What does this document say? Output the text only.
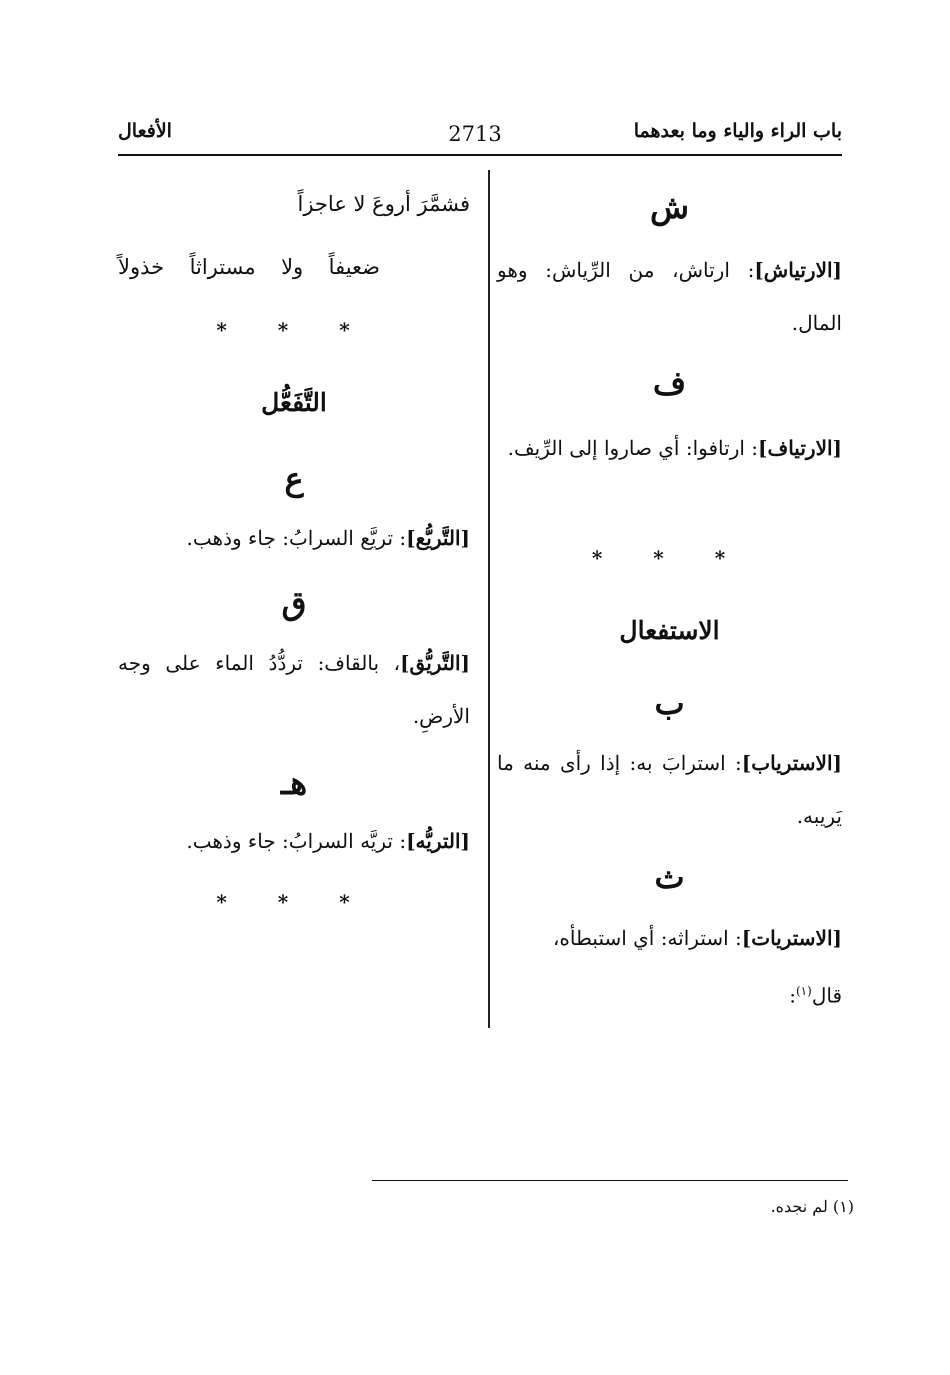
باب الراء والياء وما بعدهما
2713
الأفعال
ش
[الارتياش]: ارتاش، من الرِّياش: وهو المال.
ف
[الارتياف]: ارتافوا: أي صاروا إلى الرِّيف.
* * *
الاستفعال
ب
[الاسترياب]: استرابَ به: إذا رأى منه ما يَريبه.
ث
[الاستريات]: استراثه: أي استبطأه،
قال$^{(١)}$:
فشمَّرَ أروعَ لا عاجزاً
ضعيفاً ولا مستراثاً خذولاً
* * *
التَّفَعُّل
ع
[التَّريُّع]: تريَّع السرابُ: جاء وذهب.
ق
[التَّريُّق]، بالقاف: تردُّدُ الماء على وجه الأرضِ.
هـ
[التريُّه]: تريَّه السرابُ: جاء وذهب.
* * *
(١) لم نجده.
